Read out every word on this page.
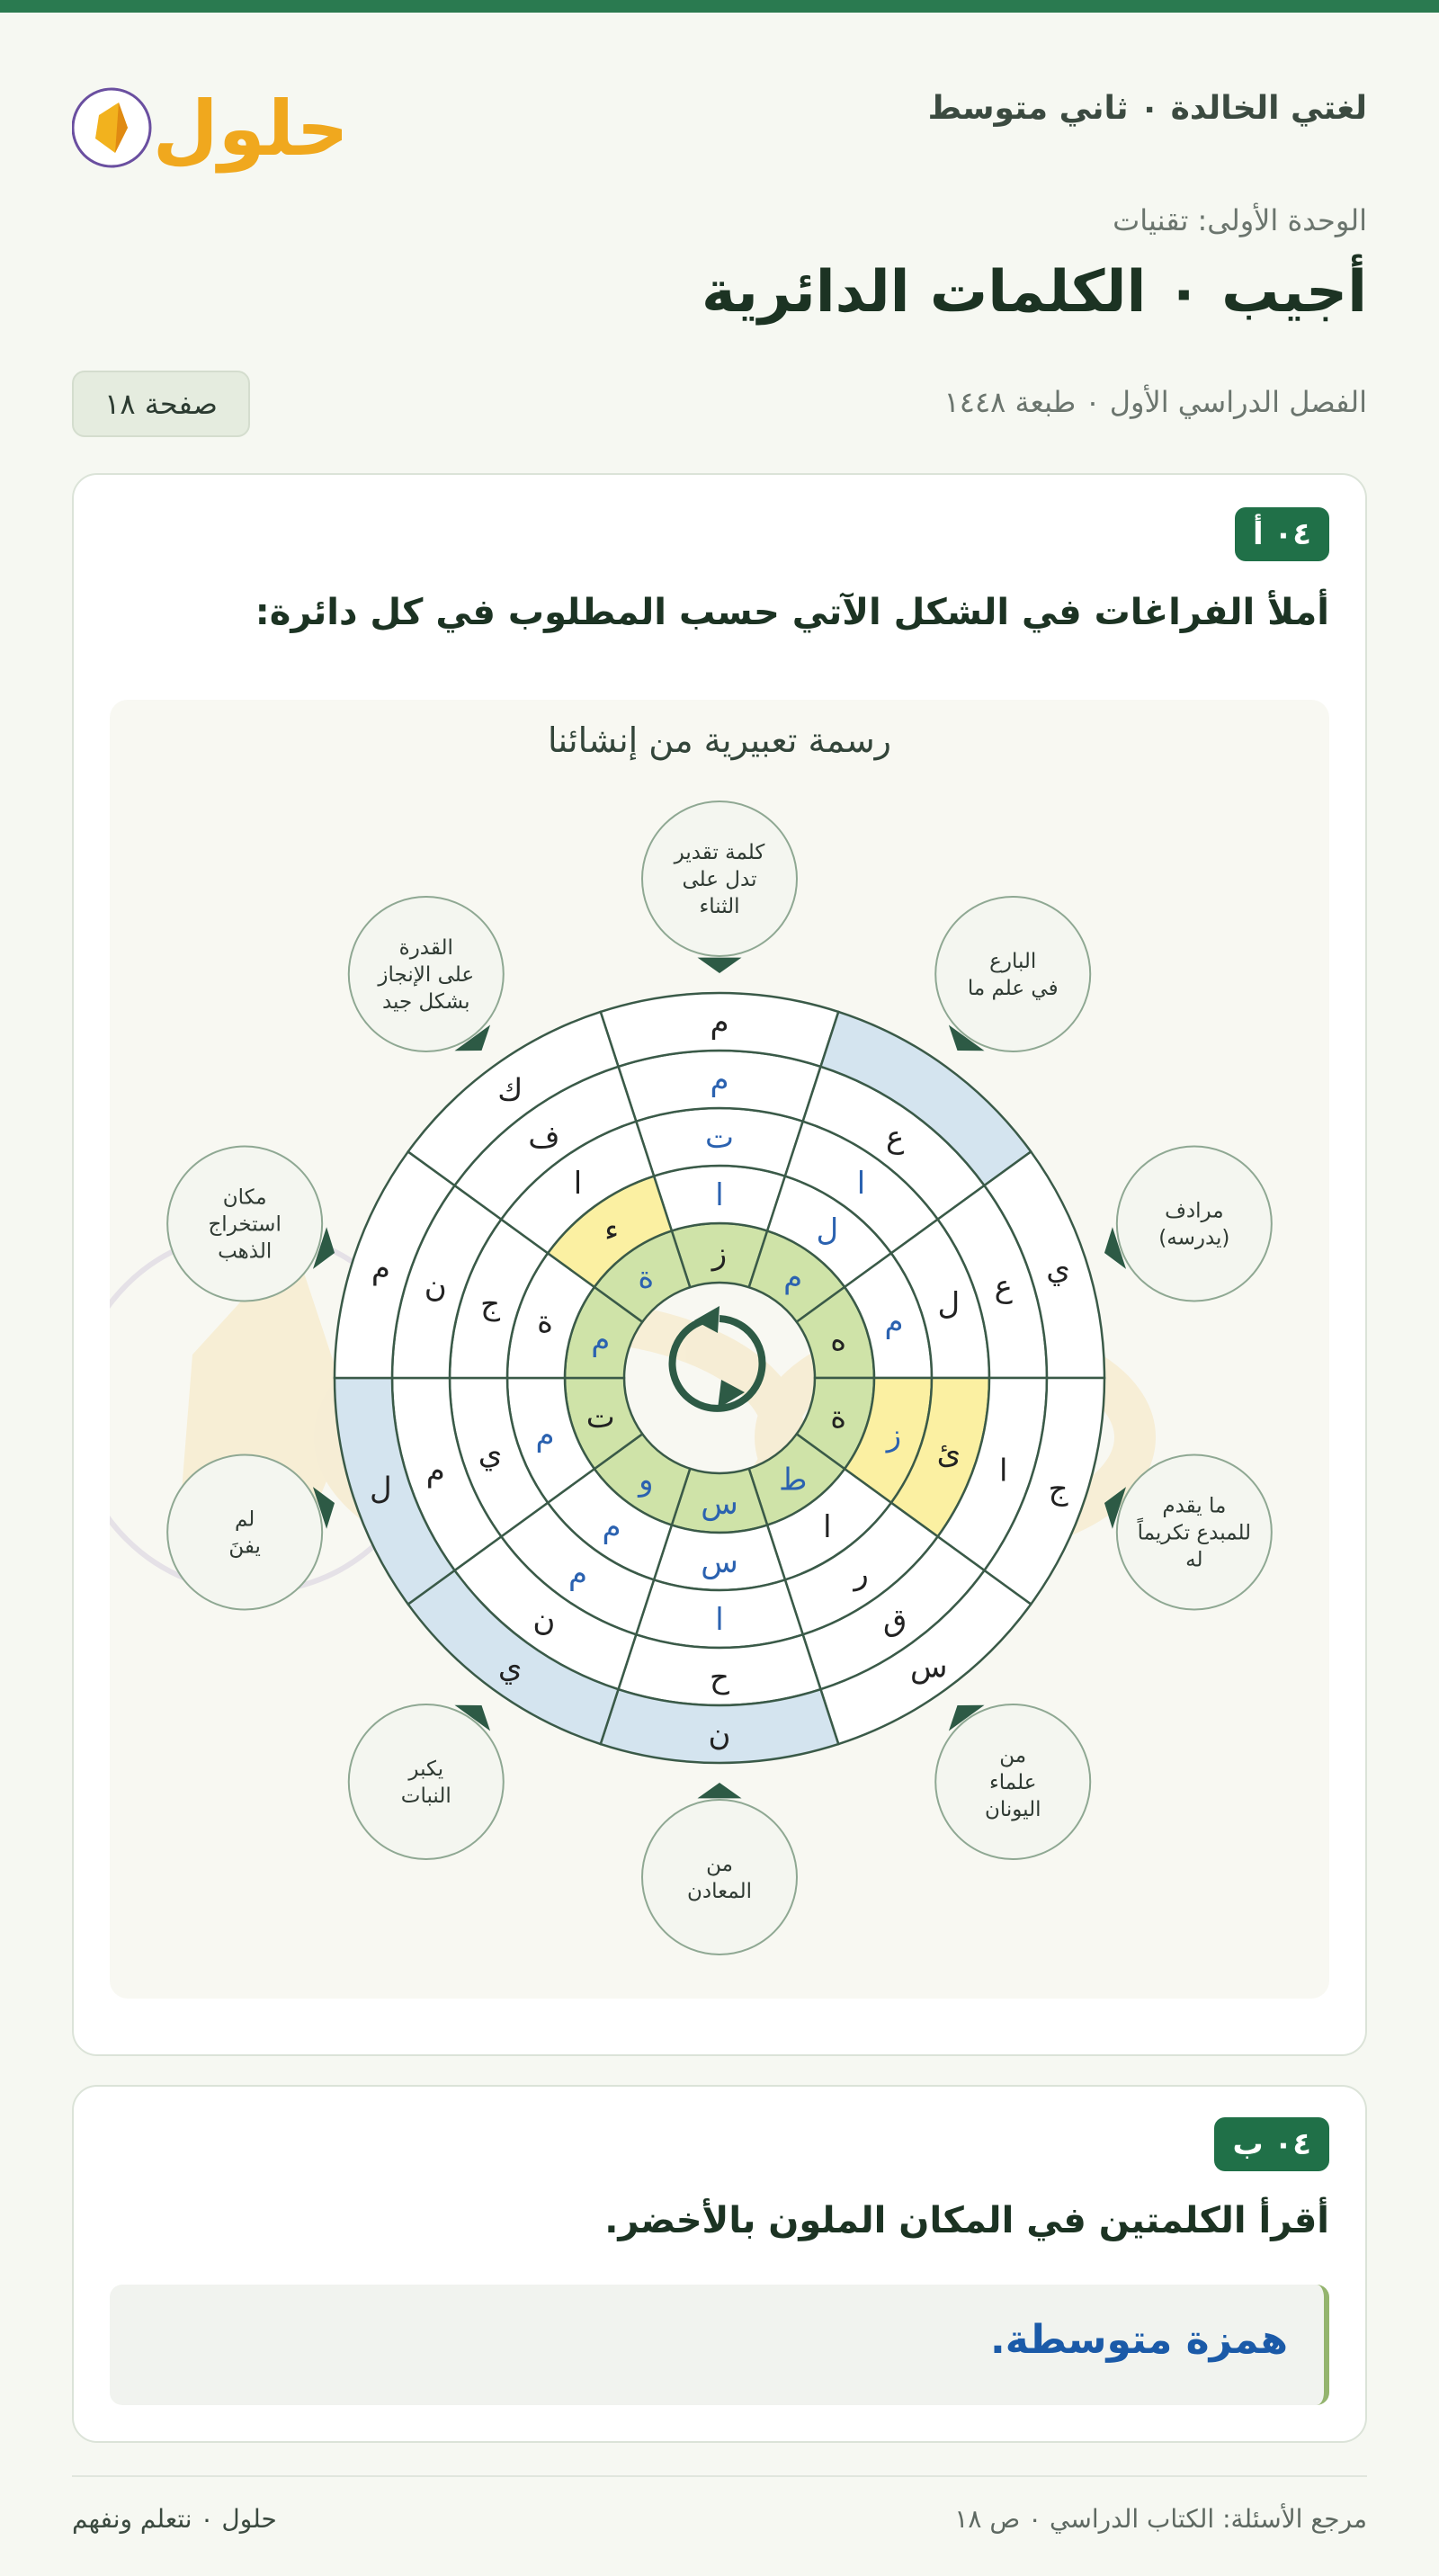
لغتي الخالدة ٠ ثاني متوسط
حلول
الوحدة الأولى: تقنيات
أجيب ٠ الكلمات الدائرية
الفصل الدراسي الأول ٠ طبعة ١٤٤٨
صفحة ١٨
٠٤ أ
أملأ الفراغات في الشكل الآتي حسب المطلوب في كل دائرة:
رسمة تعبيرية من إنشائنا
ز
م
ه
ة
ط
س
و
ت
م
ة
ا
ل
م
ز
ا
س
م
م
ة
ء
ت
ا
ل
ئ
ر
ا
م
ي
ج
ا
م
ع
ع
ا
ق
ح
ن
م
ن
ف
م
ي
ج
س
ن
ي
ل
م
ك
كلمة تقدير تدل على الثناء
البارع في علم ما
مرادف (يدرسه)
ما يقدم للمبدع تكريماً له
من علماء اليونان
من المعادن
يكبر النبات
لم يفنَ
مكان استخراج الذهب
القدرة على الإنجاز بشكل جيد
٠٤ ب
أقرأ الكلمتين في المكان الملون بالأخضر.
همزة متوسطة.
مرجع الأسئلة: الكتاب الدراسي ٠ ص ١٨
حلول ٠ نتعلم ونفهم
